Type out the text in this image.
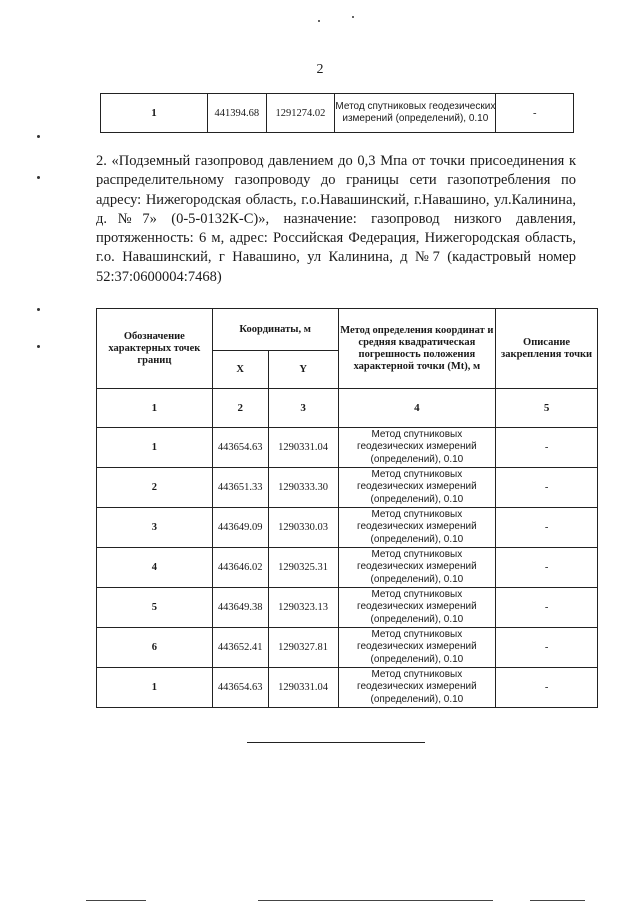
2
1	441394.68	1291274.02	Метод спутниковых геодезических измерений (определений), 0.10	-
2. «Подземный газопровод давлением до 0,3 Мпа от точки присоединения к распределительному газопроводу до границы сети газопотребления по адресу: Нижегородская область, г.о.Навашинский, г.Навашино, ул.Калинина, д.№7» (0-5-0132К-С)», назначение: газопровод низкого давления, протяженность: 6 м, адрес: Российская Федерация, Нижегородская область, г.о. Навашинский, г Навашино, ул Калинина, д №7 (кадастровый номер 52:37:0600004:7468)
Обозначение характерных точек границ	Координаты, м		Метод определения координат и средняя квадратическая погрешность положения характерной точки (Mt), м	Описание закрепления точки
	X	Y		
1	2	3	4	5
1	443654.63	1290331.04	Метод спутниковых геодезических измерений (определений), 0.10	-
2	443651.33	1290333.30	Метод спутниковых геодезических измерений (определений), 0.10	-
3	443649.09	1290330.03	Метод спутниковых геодезических измерений (определений), 0.10	-
4	443646.02	1290325.31	Метод спутниковых геодезических измерений (определений), 0.10	-
5	443649.38	1290323.13	Метод спутниковых геодезических измерений (определений), 0.10	-
6	443652.41	1290327.81	Метод спутниковых геодезических измерений (определений), 0.10	-
1	443654.63	1290331.04	Метод спутниковых геодезических измерений (определений), 0.10	-
